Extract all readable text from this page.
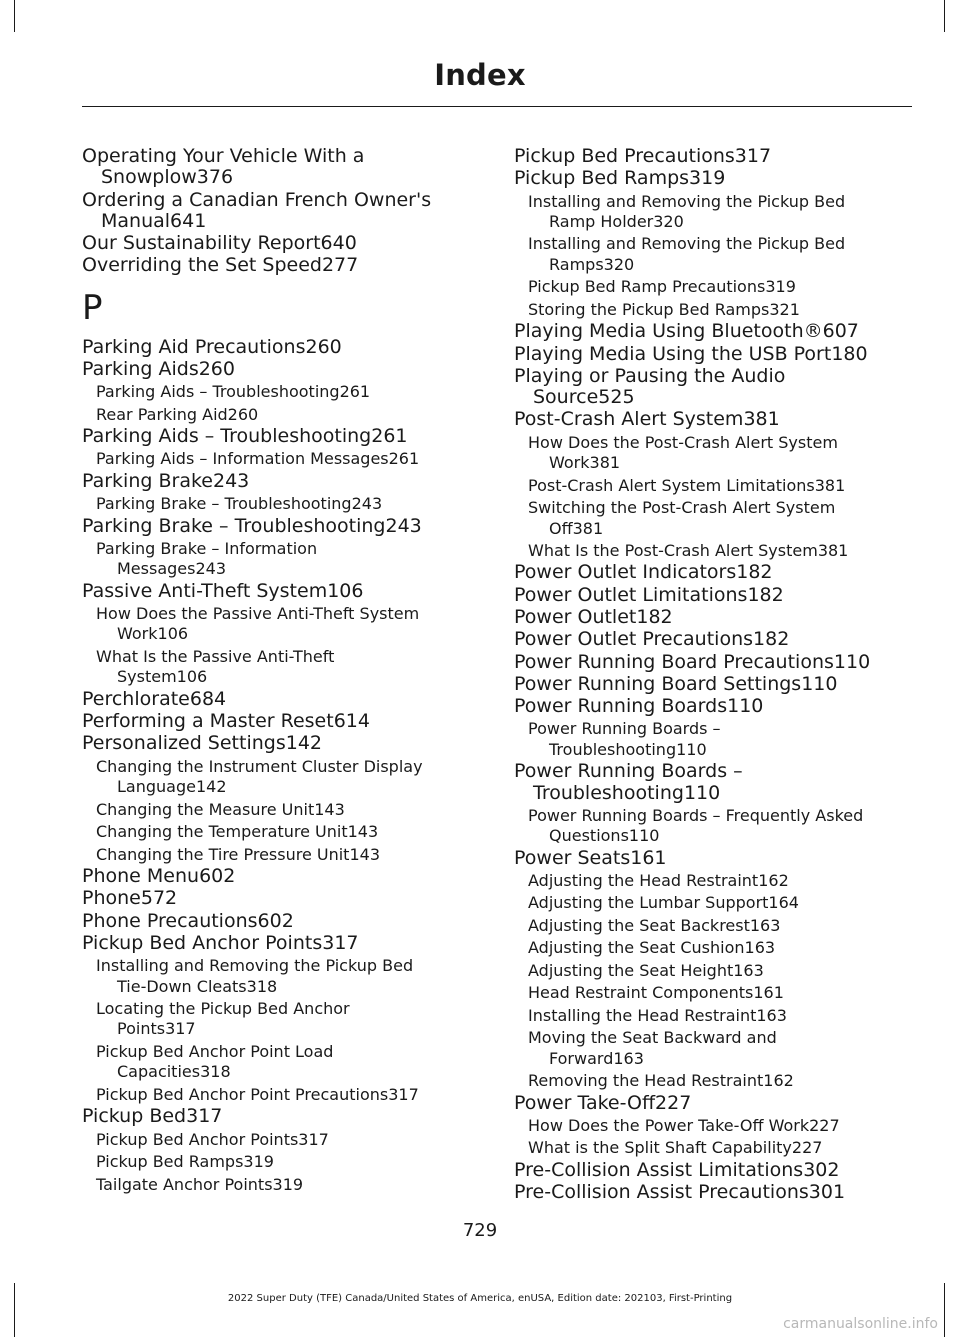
Index
Operating Your Vehicle With a
Snowplow376
Ordering a Canadian French Owner's
Manual641
Our Sustainability Report640
Overriding the Set Speed277
P
Parking Aid Precautions260
Parking Aids260
Parking Aids – Troubleshooting261
Rear Parking Aid260
Parking Aids – Troubleshooting261
Parking Aids – Information Messages261
Parking Brake243
Parking Brake – Troubleshooting243
Parking Brake – Troubleshooting243
Parking Brake – Information
Messages243
Passive Anti-Theft System106
How Does the Passive Anti-Theft System
Work106
What Is the Passive Anti-Theft
System106
Perchlorate684
Performing a Master Reset614
Personalized Settings142
Changing the Instrument Cluster Display
Language142
Changing the Measure Unit143
Changing the Temperature Unit143
Changing the Tire Pressure Unit143
Phone Menu602
Phone572
Phone Precautions602
Pickup Bed Anchor Points317
Installing and Removing the Pickup Bed
Tie-Down Cleats318
Locating the Pickup Bed Anchor
Points317
Pickup Bed Anchor Point Load
Capacities318
Pickup Bed Anchor Point Precautions317
Pickup Bed317
Pickup Bed Anchor Points317
Pickup Bed Ramps319
Tailgate Anchor Points319
Pickup Bed Precautions317
Pickup Bed Ramps319
Installing and Removing the Pickup Bed
Ramp Holder320
Installing and Removing the Pickup Bed
Ramps320
Pickup Bed Ramp Precautions319
Storing the Pickup Bed Ramps321
Playing Media Using Bluetooth®607
Playing Media Using the USB Port180
Playing or Pausing the Audio
Source525
Post-Crash Alert System381
How Does the Post-Crash Alert System
Work381
Post-Crash Alert System Limitations381
Switching the Post-Crash Alert System
Off381
What Is the Post-Crash Alert System381
Power Outlet Indicators182
Power Outlet Limitations182
Power Outlet182
Power Outlet Precautions182
Power Running Board Precautions110
Power Running Board Settings110
Power Running Boards110
Power Running Boards –
Troubleshooting110
Power Running Boards –
Troubleshooting110
Power Running Boards – Frequently Asked
Questions110
Power Seats161
Adjusting the Head Restraint162
Adjusting the Lumbar Support164
Adjusting the Seat Backrest163
Adjusting the Seat Cushion163
Adjusting the Seat Height163
Head Restraint Components161
Installing the Head Restraint163
Moving the Seat Backward and
Forward163
Removing the Head Restraint162
Power Take-Off227
How Does the Power Take-Off Work227
What is the Split Shaft Capability227
Pre-Collision Assist Limitations302
Pre-Collision Assist Precautions301
729
2022 Super Duty (TFE) Canada/United States of America, enUSA, Edition date: 202103, First-Printing
carmanualsonline.info
